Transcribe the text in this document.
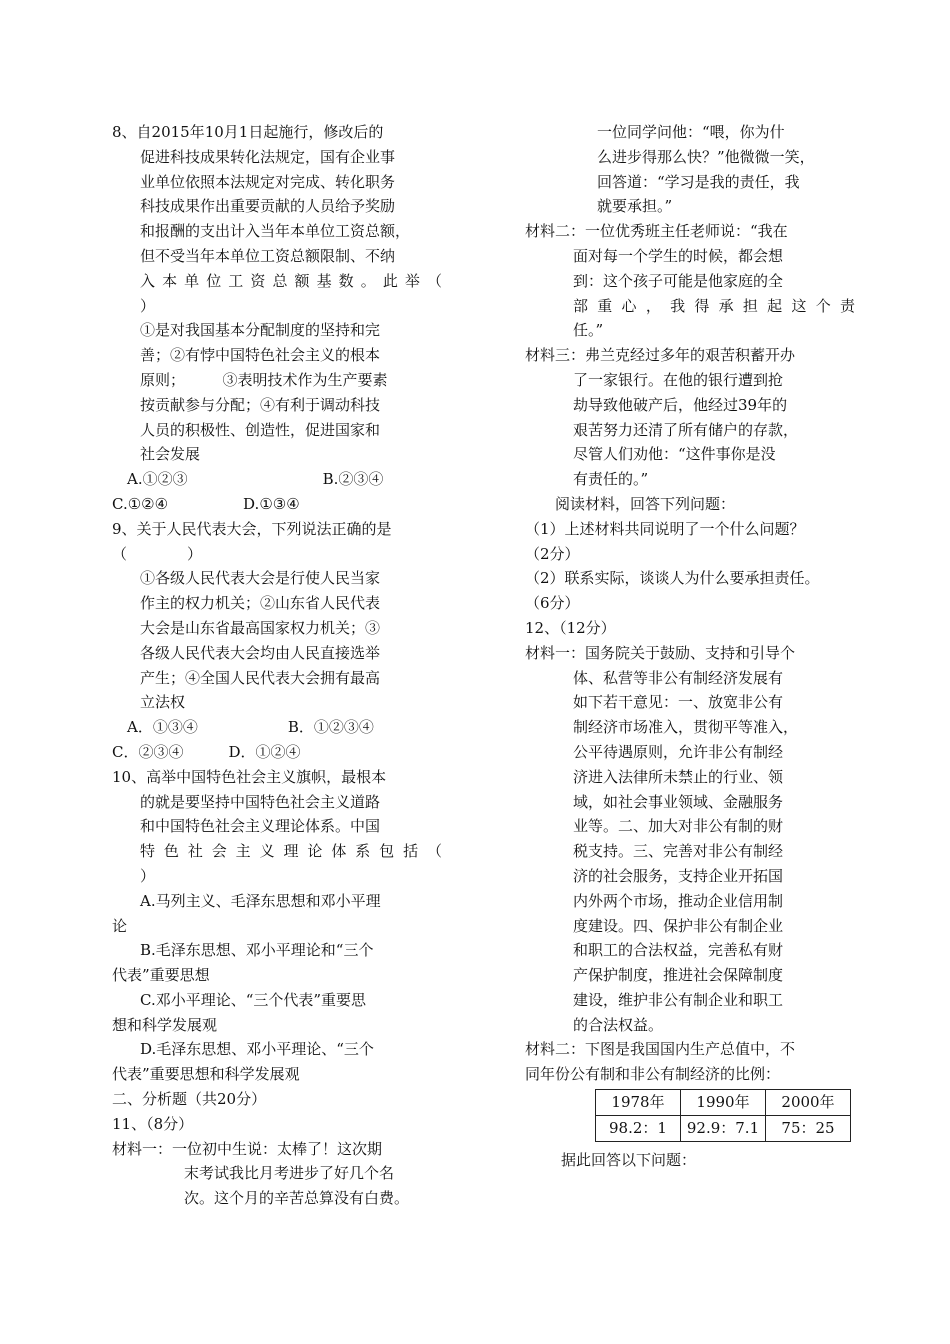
8、自2015年10月1日起施行，修改后的
促进科技成果转化法规定，国有企业事
业单位依照本法规定对完成、转化职务
科技成果作出重要贡献的人员给予奖励
和报酬的支出计入当年本单位工资总额，
但不受当年本单位工资总额限制、不纳
入本单位工资总额基数。此举（
）
①是对我国基本分配制度的坚持和完
善；②有悖中国特色社会主义的根本
原则；　　　③表明技术作为生产要素
按贡献参与分配；④有利于调动科技
人员的积极性、创造性，促进国家和
社会发展
　A.①②③　　　　　　　　　B.②③④
C.①②④　　　　　D.①③④
9、关于人民代表大会，下列说法正确的是
（　　　　）
①各级人民代表大会是行使人民当家
作主的权力机关；②山东省人民代表
大会是山东省最高国家权力机关；③
各级人民代表大会均由人民直接选举
产生；④全国人民代表大会拥有最高
立法权
　A．①③④　　　　　　B．①②③④
C．②③④　　　D．①②④
10、高举中国特色社会主义旗帜，最根本
的就是要坚持中国特色社会主义道路
和中国特色社会主义理论体系。中国
特色社会主义理论体系包括（
）
A.马列主义、毛泽东思想和邓小平理
论
B.毛泽东思想、邓小平理论和“三个
代表”重要思想
C.邓小平理论、“三个代表”重要思
想和科学发展观
D.毛泽东思想、邓小平理论、“三个
代表”重要思想和科学发展观
二、分析题（共20分）
11、（8分）
材料一：一位初中生说：太棒了！这次期
末考试我比月考进步了好几个名
次。这个月的辛苦总算没有白费。
一位同学问他：“喂，你为什
么进步得那么快？”他微微一笑，
回答道：“学习是我的责任，我
就要承担。”
材料二：一位优秀班主任老师说：“我在
面对每一个学生的时候，都会想
到：这个孩子可能是他家庭的全
部重心，我得承担起这个责
任。”
材料三：弗兰克经过多年的艰苦积蓄开办
了一家银行。在他的银行遭到抢
劫导致他破产后，他经过39年的
艰苦努力还清了所有储户的存款，
尽管人们劝他：“这件事你是没
有责任的。”
　　阅读材料，回答下列问题：
（1）上述材料共同说明了一个什么问题？
（2分）
（2）联系实际，谈谈人为什么要承担责任。
（6分）
12、（12分）
材料一：国务院关于鼓励、支持和引导个
体、私营等非公有制经济发展有
如下若干意见：一、放宽非公有
制经济市场准入，贯彻平等准入，
公平待遇原则，允许非公有制经
济进入法律所未禁止的行业、领
域，如社会事业领域、金融服务
业等。二、加大对非公有制的财
税支持。三、完善对非公有制经
济的社会服务，支持企业开拓国
内外两个市场，推动企业信用制
度建设。四、保护非公有制企业
和职工的合法权益，完善私有财
产保护制度，推进社会保障制度
建设，维护非公有制企业和职工
的合法权益。
材料二：下图是我国国内生产总值中，不
同年份公有制和非公有制经济的比例：
1978年	1990年	2000年
98.2：1	92.9：7.1	75：25
据此回答以下问题：
